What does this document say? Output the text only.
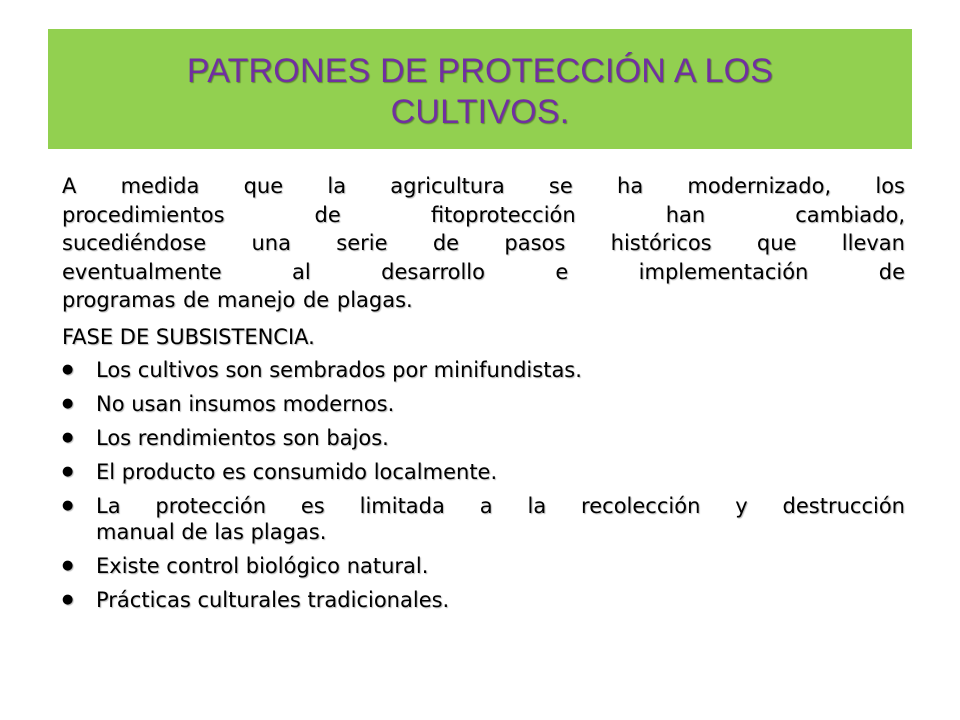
PATRONES DE PROTECCIÓN A LOS
CULTIVOS.

A medida que la agricultura se ha modernizado, los
procedimientos de fitoprotección han cambiado,
sucediéndose una serie de pasos históricos que llevan
eventualmente al desarrollo e implementación de
programas de manejo de plagas.

FASE DE SUBSISTENCIA.

● Los cultivos son sembrados por minifundistas.
● No usan insumos modernos.
● Los rendimientos son bajos.
● El producto es consumido localmente.
● La protección es limitada a la recolección y destrucción
manual de las plagas.
● Existe control biológico natural.
● Prácticas culturales tradicionales.
